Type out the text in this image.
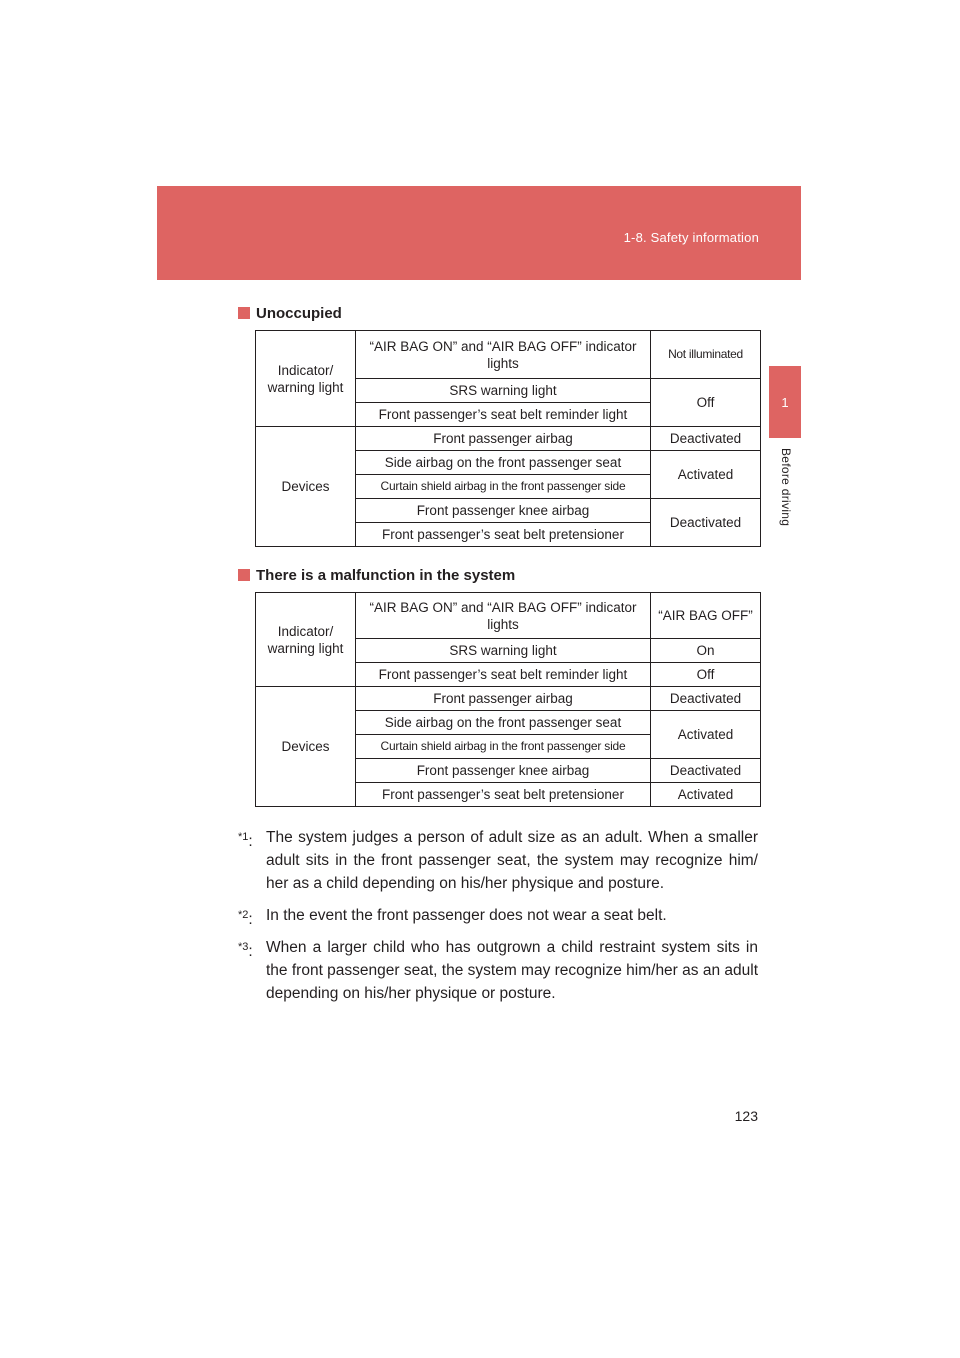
1-8. Safety information
1
Before driving
Unoccupied
Indicator/ warning light	“AIR BAG ON” and “AIR BAG OFF” indicator lights	Not illuminated
	SRS warning light	Off
	Front passenger’s seat belt reminder light	
Devices	Front passenger airbag	Deactivated
	Side airbag on the front passenger seat	Activated
	Curtain shield airbag in the front passenger side	
	Front passenger knee airbag	Deactivated
	Front passenger’s seat belt pretensioner	
There is a malfunction in the system
Indicator/ warning light	“AIR BAG ON” and “AIR BAG OFF” indicator lights	“AIR BAG OFF”
	SRS warning light	On
	Front passenger’s seat belt reminder light	Off
Devices	Front passenger airbag	Deactivated
	Side airbag on the front passenger seat	Activated
	Curtain shield airbag in the front passenger side	
	Front passenger knee airbag	Deactivated
	Front passenger’s seat belt pretensioner	Activated
$^{*1}$: The system judges a person of adult size as an adult. When a smaller adult sits in the front passenger seat, the system may recognize him/ her as a child depending on his/her physique and posture.
$^{*2}$: In the event the front passenger does not wear a seat belt.
$^{*3}$: When a larger child who has outgrown a child restraint system sits in the front passenger seat, the system may recognize him/her as an adult depending on his/her physique or posture.
123
